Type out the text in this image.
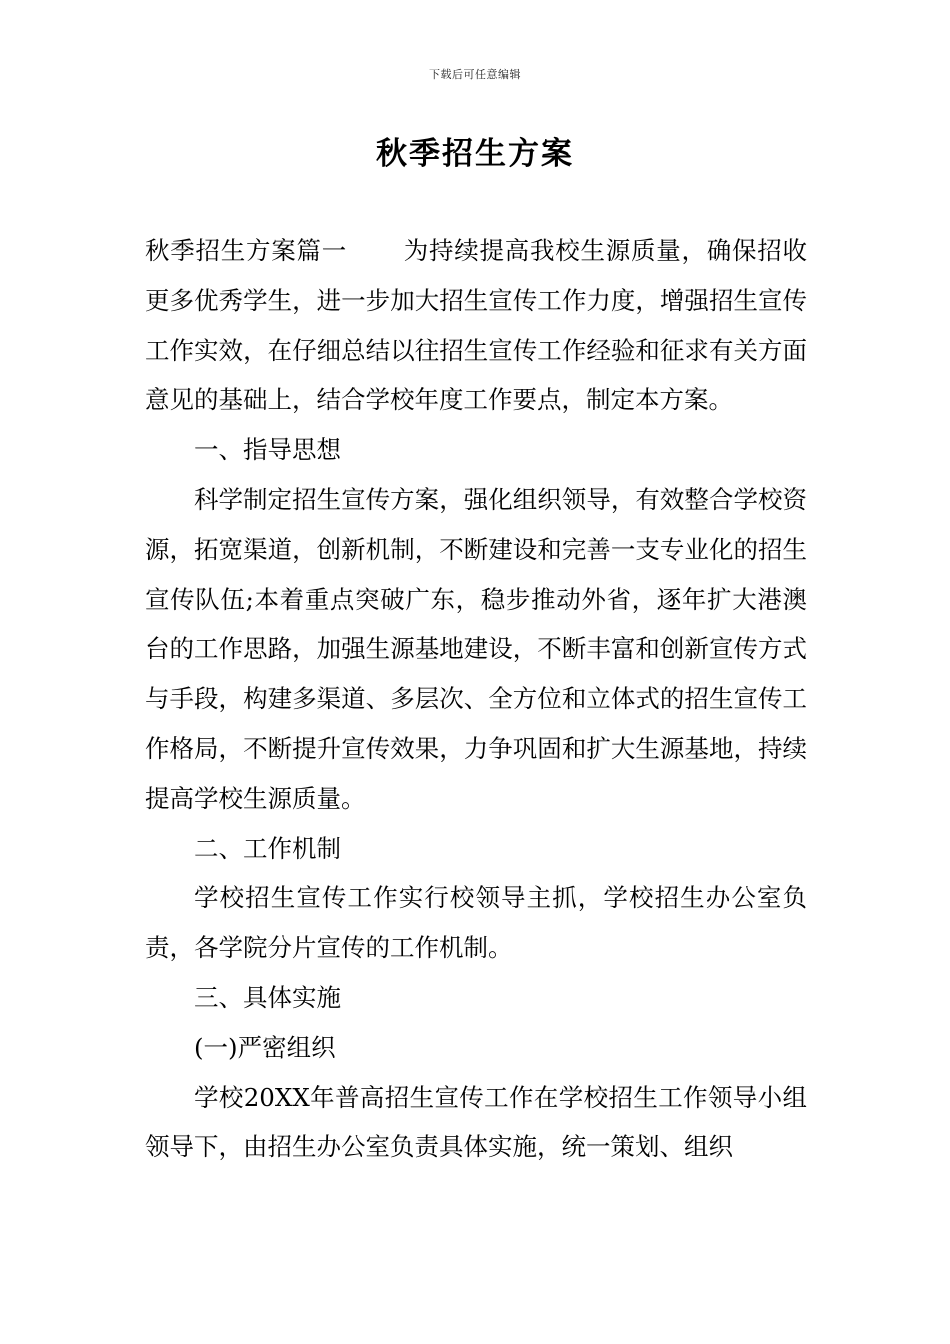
下载后可任意编辑
秋季招生方案

秋季招生方案篇一 为持续提高我校生源质量，确保招收更多优秀学生，进一步加大招生宣传工作力度，增强招生宣传工作实效，在仔细总结以往招生宣传工作经验和征求有关方面意见的基础上，结合学校年度工作要点，制定本方案。

一、指导思想

科学制定招生宣传方案，强化组织领导，有效整合学校资源，拓宽渠道，创新机制，不断建设和完善一支专业化的招生宣传队伍;本着重点突破广东，稳步推动外省，逐年扩大港澳台的工作思路，加强生源基地建设，不断丰富和创新宣传方式与手段，构建多渠道、多层次、全方位和立体式的招生宣传工作格局，不断提升宣传效果，力争巩固和扩大生源基地，持续提高学校生源质量。

二、工作机制

学校招生宣传工作实行校领导主抓，学校招生办公室负责，各学院分片宣传的工作机制。

三、具体实施

(一)严密组织

学校20XX年普高招生宣传工作在学校招生工作领导小组领导下，由招生办公室负责具体实施，统一策划、组织
